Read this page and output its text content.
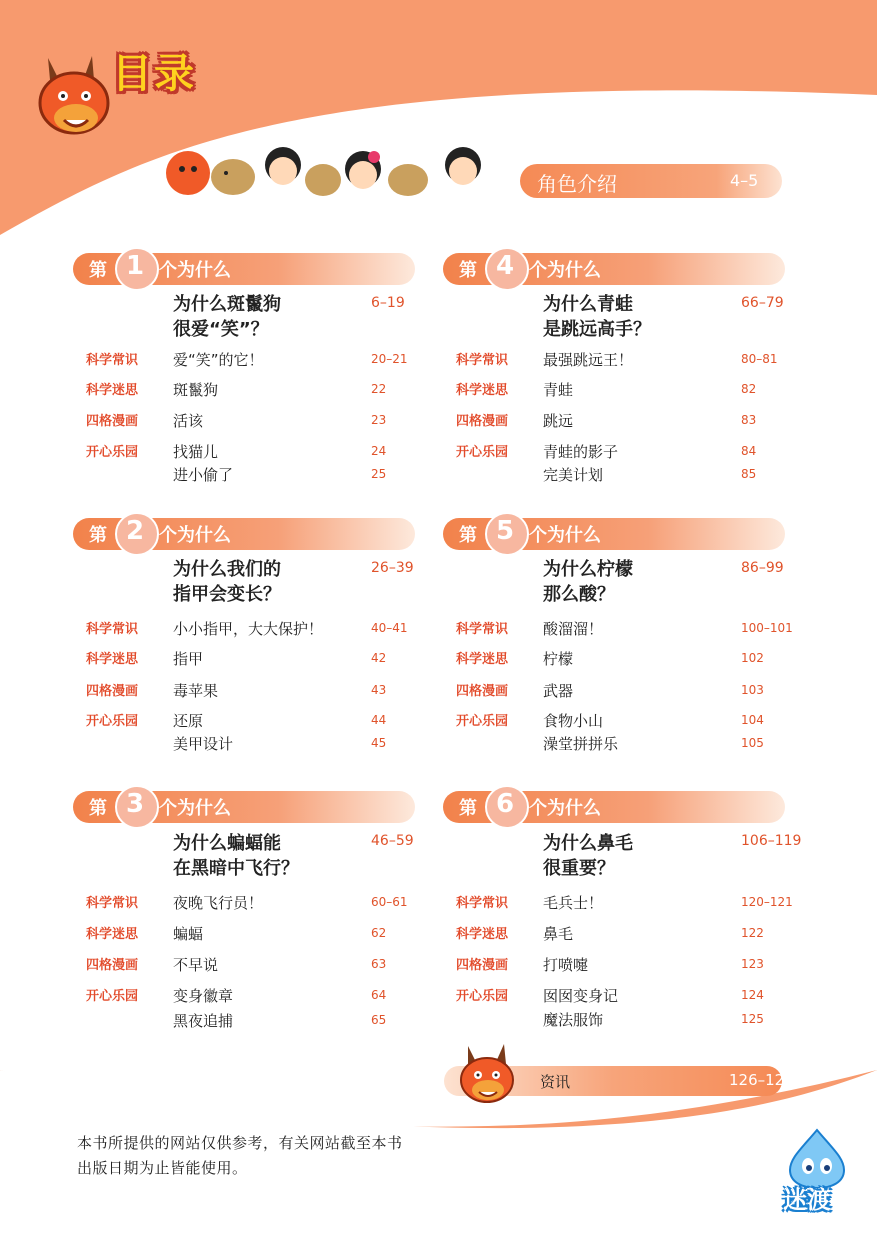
目录
角色介绍	4–5
第 1 个为什么
为什么斑鬣狗
很爱“笑”？
6–19
科学常识 爱“笑”的它！	20–21
科学迷思 斑鬣狗	22
四格漫画 活该	23
开心乐园 找猫儿	24
进小偷了	25
第 2 个为什么
为什么我们的
指甲会变长？
26–39
科学常识 小小指甲，大大保护！	40–41
科学迷思 指甲	42
四格漫画 毒苹果	43
开心乐园 还原	44
美甲设计	45
第 3 个为什么
为什么蝙蝠能
在黑暗中飞行？
46–59
科学常识 夜晚飞行员！	60–61
科学迷思 蝙蝠	62
四格漫画 不早说	63
开心乐园 变身徽章	64
黑夜追捕	65
第 4 个为什么
为什么青蛙
是跳远高手？
66–79
科学常识 最强跳远王！	80–81
科学迷思 青蛙	82
四格漫画 跳远	83
开心乐园 青蛙的影子	84
完美计划	85
第 5 个为什么
为什么柠檬
那么酸？
86–99
科学常识 酸溜溜！	100–101
科学迷思 柠檬	102
四格漫画 武器	103
开心乐园 食物小山	104
澡堂拼拼乐	105
第 6 个为什么
为什么鼻毛
很重要？
106–119
科学常识 毛兵士！	120–121
科学迷思 鼻毛	122
四格漫画 打喷嚏	123
开心乐园 囡囡变身记	124
魔法服饰	125
资讯	126–128
本书所提供的网站仅供参考，有关网站截至本书
出版日期为止皆能使用。
迷渡
